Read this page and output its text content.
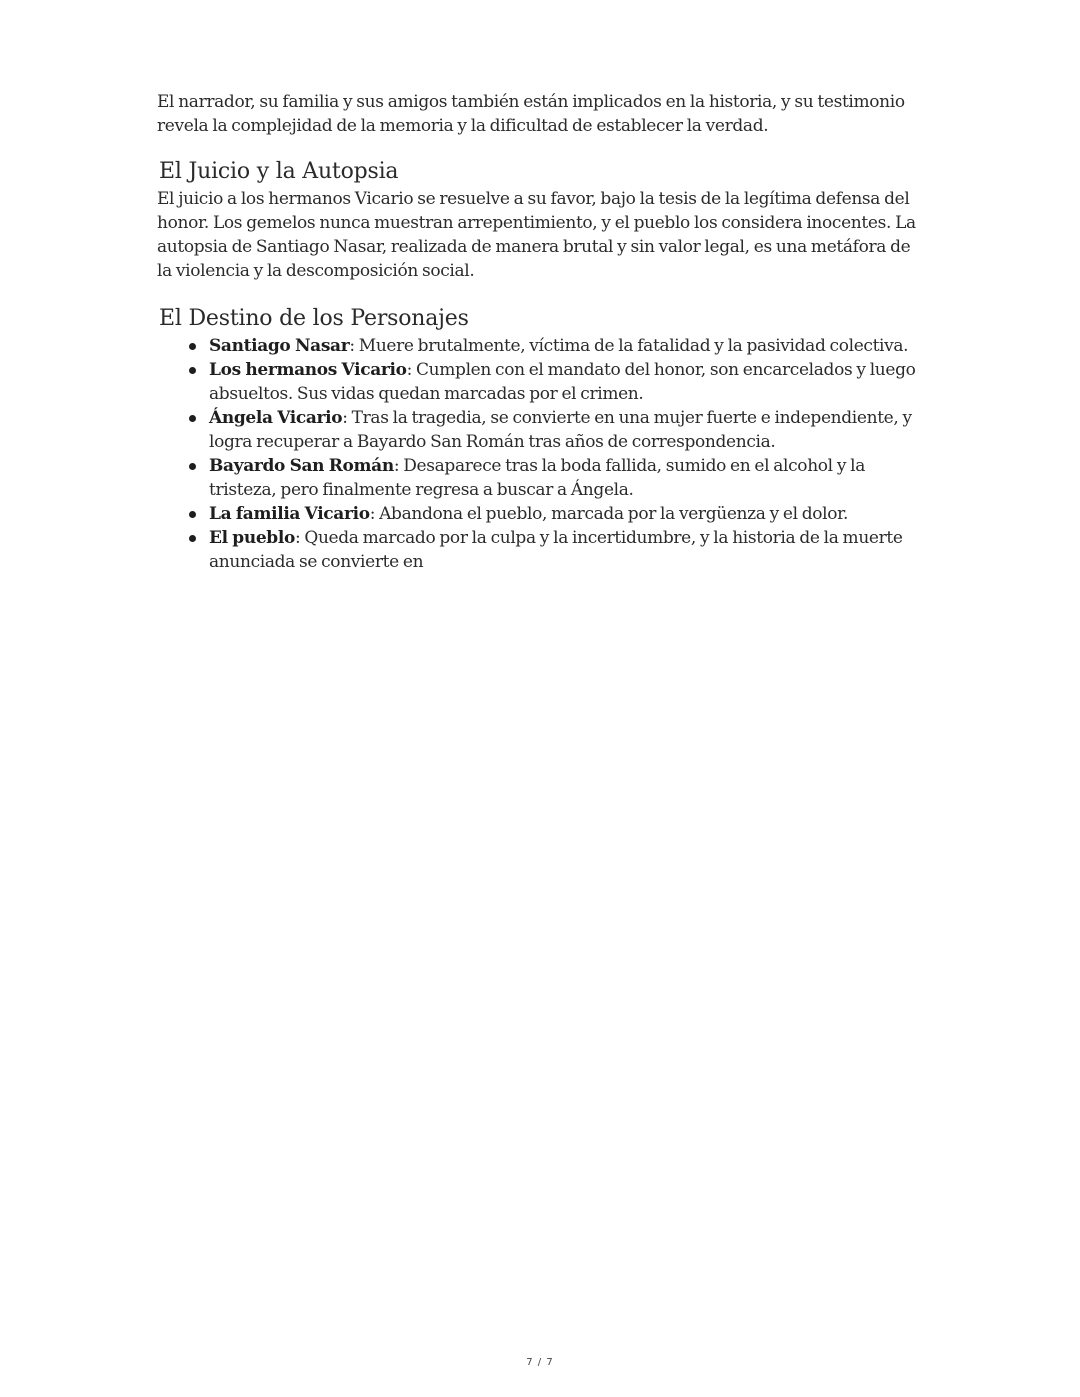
El narrador, su familia y sus amigos también están implicados en la historia, y su testimonio revela la complejidad de la memoria y la dificultad de establecer la verdad.

El Juicio y la Autopsia

El juicio a los hermanos Vicario se resuelve a su favor, bajo la tesis de la legítima defensa del honor. Los gemelos nunca muestran arrepentimiento, y el pueblo los considera inocentes. La autopsia de Santiago Nasar, realizada de manera brutal y sin valor legal, es una metáfora de la violencia y la descomposición social.

El Destino de los Personajes
Santiago Nasar: Muere brutalmente, víctima de la fatalidad y la pasividad colectiva.
Los hermanos Vicario: Cumplen con el mandato del honor, son encarcelados y luego absueltos. Sus vidas quedan marcadas por el crimen.
Ángela Vicario: Tras la tragedia, se convierte en una mujer fuerte e independiente, y logra recuperar a Bayardo San Román tras años de correspondencia.
Bayardo San Román: Desaparece tras la boda fallida, sumido en el alcohol y la tristeza, pero finalmente regresa a buscar a Ángela.
La familia Vicario: Abandona el pueblo, marcada por la vergüenza y el dolor.
El pueblo: Queda marcado por la culpa y la incertidumbre, y la historia de la muerte anunciada se convierte en
7 / 7
